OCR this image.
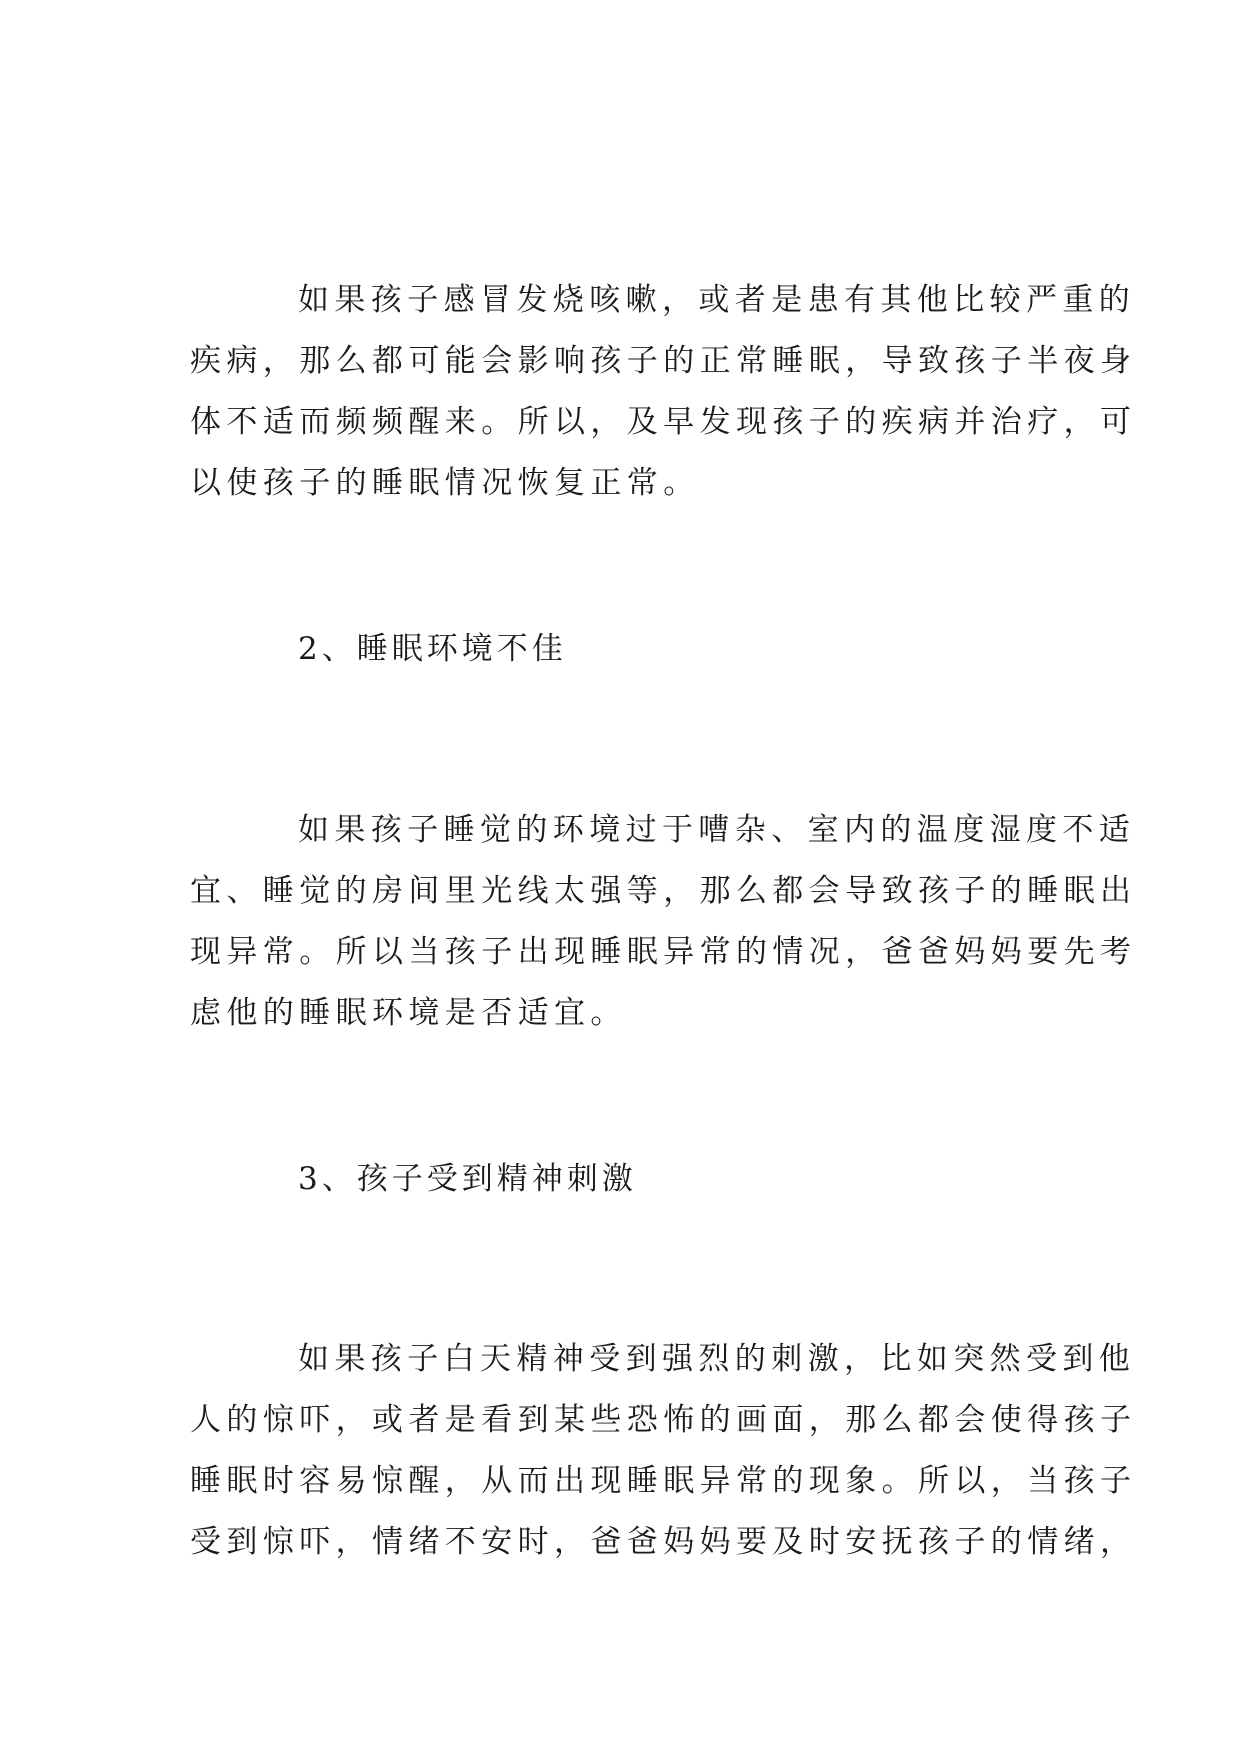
如果孩子感冒发烧咳嗽，或者是患有其他比较严重的
疾病，那么都可能会影响孩子的正常睡眠，导致孩子半夜身
体不适而频频醒来。所以，及早发现孩子的疾病并治疗，可
以使孩子的睡眠情况恢复正常。
2、睡眠环境不佳
如果孩子睡觉的环境过于嘈杂、室内的温度湿度不适
宜、睡觉的房间里光线太强等，那么都会导致孩子的睡眠出
现异常。所以当孩子出现睡眠异常的情况，爸爸妈妈要先考
虑他的睡眠环境是否适宜。
3、孩子受到精神刺激
如果孩子白天精神受到强烈的刺激，比如突然受到他
人的惊吓，或者是看到某些恐怖的画面，那么都会使得孩子
睡眠时容易惊醒，从而出现睡眠异常的现象。所以，当孩子
受到惊吓，情绪不安时，爸爸妈妈要及时安抚孩子的情绪，
